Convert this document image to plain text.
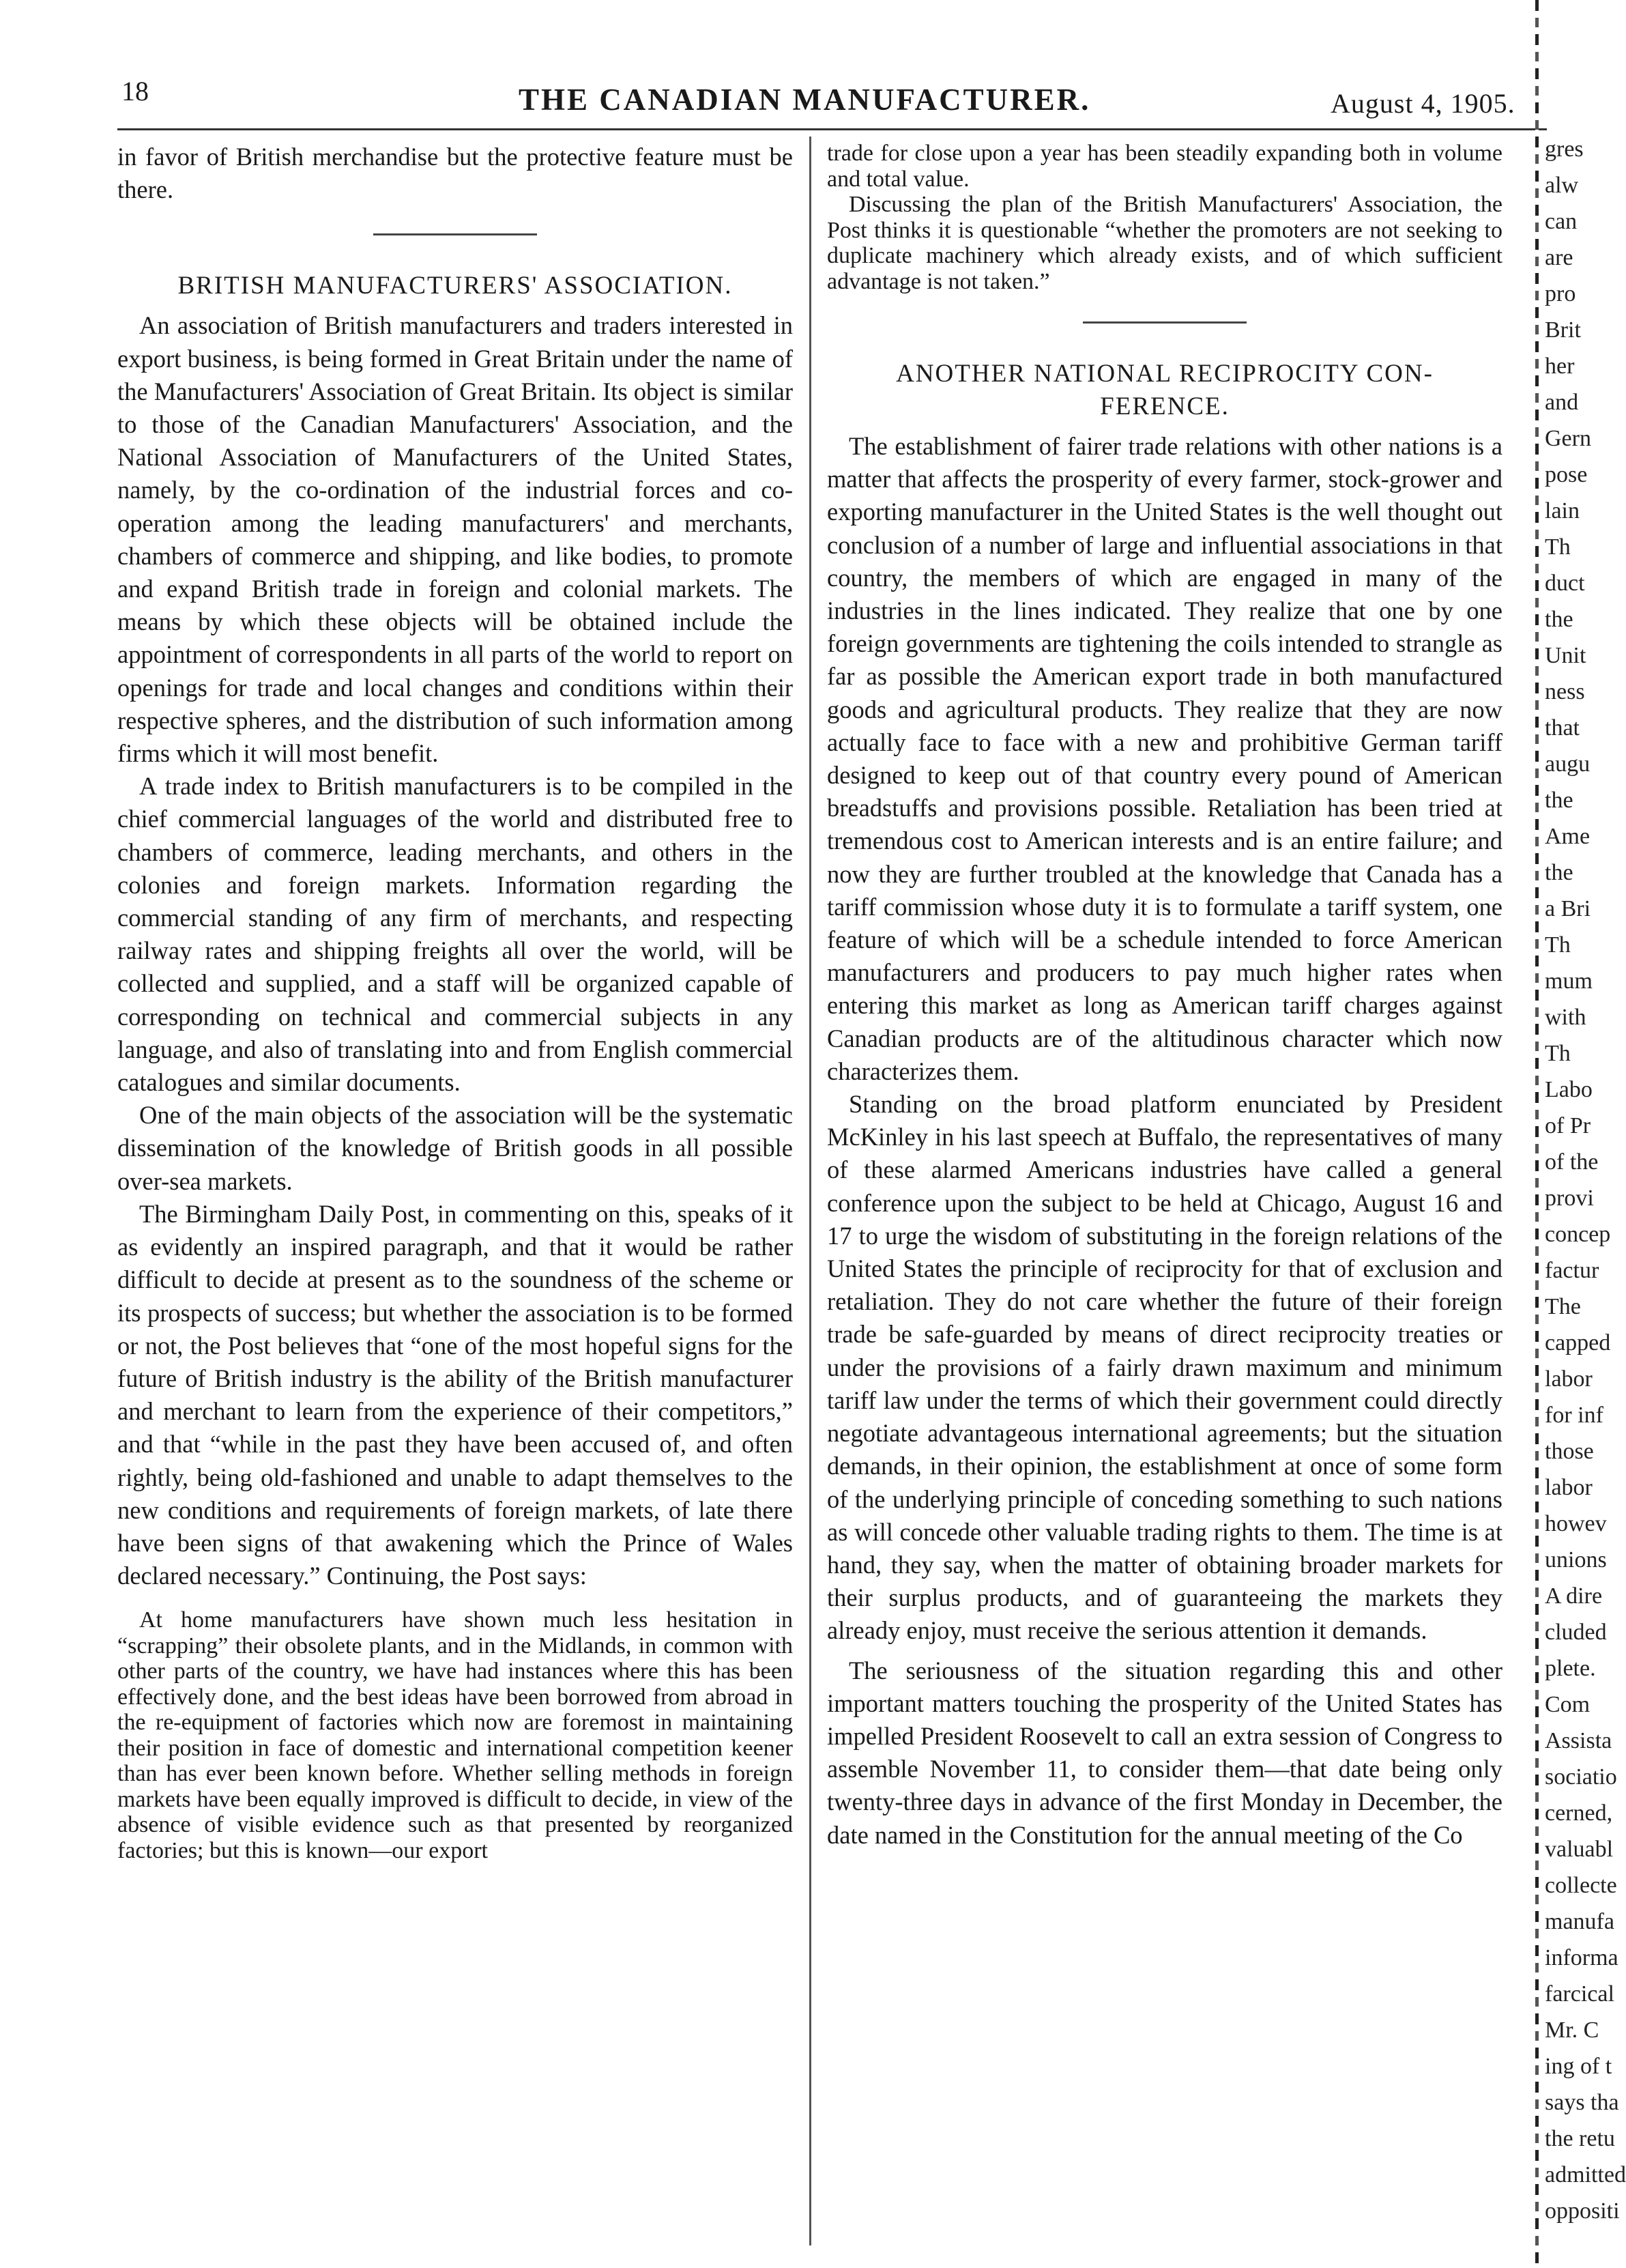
18	THE CANADIAN MANUFACTURER.	August 4, 1905.

in favor of British merchandise but the protective feature must be there.

BRITISH MANUFACTURERS' ASSOCIATION.

An association of British manufacturers and traders interested in export business, is being formed in Great Britain under the name of the Manufacturers' Association of Great Britain. Its object is similar to those of the Canadian Manufacturers' Association, and the National Association of Manufacturers of the United States, namely, by the co-ordination of the industrial forces and co-operation among the leading manufacturers' and merchants, chambers of commerce and shipping, and like bodies, to promote and expand British trade in foreign and colonial markets. The means by which these objects will be obtained include the appointment of correspondents in all parts of the world to report on openings for trade and local changes and conditions within their respective spheres, and the distribution of such information among firms which it will most benefit.

A trade index to British manufacturers is to be compiled in the chief commercial languages of the world and distributed free to chambers of commerce, leading merchants, and others in the colonies and foreign markets. Information regarding the commercial standing of any firm of merchants, and respecting railway rates and shipping freights all over the world, will be collected and supplied, and a staff will be organized capable of corresponding on technical and commercial subjects in any language, and also of translating into and from English commercial catalogues and similar documents.

One of the main objects of the association will be the systematic dissemination of the knowledge of British goods in all possible over-sea markets.

The Birmingham Daily Post, in commenting on this, speaks of it as evidently an inspired paragraph, and that it would be rather difficult to decide at present as to the soundness of the scheme or its prospects of success; but whether the association is to be formed or not, the Post believes that “one of the most hopeful signs for the future of British industry is the ability of the British manufacturer and merchant to learn from the experience of their competitors,” and that “while in the past they have been accused of, and often rightly, being old-fashioned and unable to adapt themselves to the new conditions and requirements of foreign markets, of late there have been signs of that awakening which the Prince of Wales declared necessary.” Continuing, the Post says:

At home manufacturers have shown much less hesitation in “scrapping” their obsolete plants, and in the Midlands, in common with other parts of the country, we have had instances where this has been effectively done, and the best ideas have been borrowed from abroad in the re-equipment of factories which now are foremost in maintaining their position in face of domestic and international competition keener than has ever been known before. Whether selling methods in foreign markets have been equally improved is difficult to decide, in view of the absence of visible evidence such as that presented by reorganized factories; but this is known—our export

trade for close upon a year has been steadily expanding both in volume and total value.

Discussing the plan of the British Manufacturers' Association, the Post thinks it is questionable “whether the promoters are not seeking to duplicate machinery which already exists, and of which sufficient advantage is not taken.”

ANOTHER NATIONAL RECIPROCITY CON-
FERENCE.

The establishment of fairer trade relations with other nations is a matter that affects the prosperity of every farmer, stock-grower and exporting manufacturer in the United States is the well thought out conclusion of a number of large and influential associations in that country, the members of which are engaged in many of the industries in the lines indicated. They realize that one by one foreign governments are tightening the coils intended to strangle as far as possible the American export trade in both manufactured goods and agricultural products. They realize that they are now actually face to face with a new and prohibitive German tariff designed to keep out of that country every pound of American breadstuffs and provisions possible. Retaliation has been tried at tremendous cost to American interests and is an entire failure; and now they are further troubled at the knowledge that Canada has a tariff commission whose duty it is to formulate a tariff system, one feature of which will be a schedule intended to force American manufacturers and producers to pay much higher rates when entering this market as long as American tariff charges against Canadian products are of the altitudinous character which now characterizes them.

Standing on the broad platform enunciated by President McKinley in his last speech at Buffalo, the representatives of many of these alarmed Americans industries have called a general conference upon the subject to be held at Chicago, August 16 and 17 to urge the wisdom of substituting in the foreign relations of the United States the principle of reciprocity for that of exclusion and retaliation. They do not care whether the future of their foreign trade be safe-guarded by means of direct reciprocity treaties or under the provisions of a fairly drawn maximum and minimum tariff law under the terms of which their government could directly negotiate advantageous international agreements; but the situation demands, in their opinion, the establishment at once of some form of the underlying principle of conceding something to such nations as will concede other valuable trading rights to them. The time is at hand, they say, when the matter of obtaining broader markets for their surplus products, and of guaranteeing the markets they already enjoy, must receive the serious attention it demands.

The seriousness of the situation regarding this and other important matters touching the prosperity of the United States has impelled President Roosevelt to call an extra session of Congress to assemble November 11, to consider them—that date being only twenty-three days in advance of the first Monday in December, the date named in the Constitution for the annual meeting of the Co

gres
alw
can
are
pro
Brit
her
and
Gern
pose
lain
Th
duct
the
Unit
ness
that
augu
the
Ame
the
a Bri
Th
mum
with
Th
Labo
of Pr
of the
provi
concep
factur
The
capped
labor
for inf
those
labor
howev
unions
A dire
cluded
plete.
Com
Assista
sociatio
cerned,
valuabl
collecte
manufa
informa
farcical
Mr. C
ing of t
says tha
the retu
admitted
oppositi
